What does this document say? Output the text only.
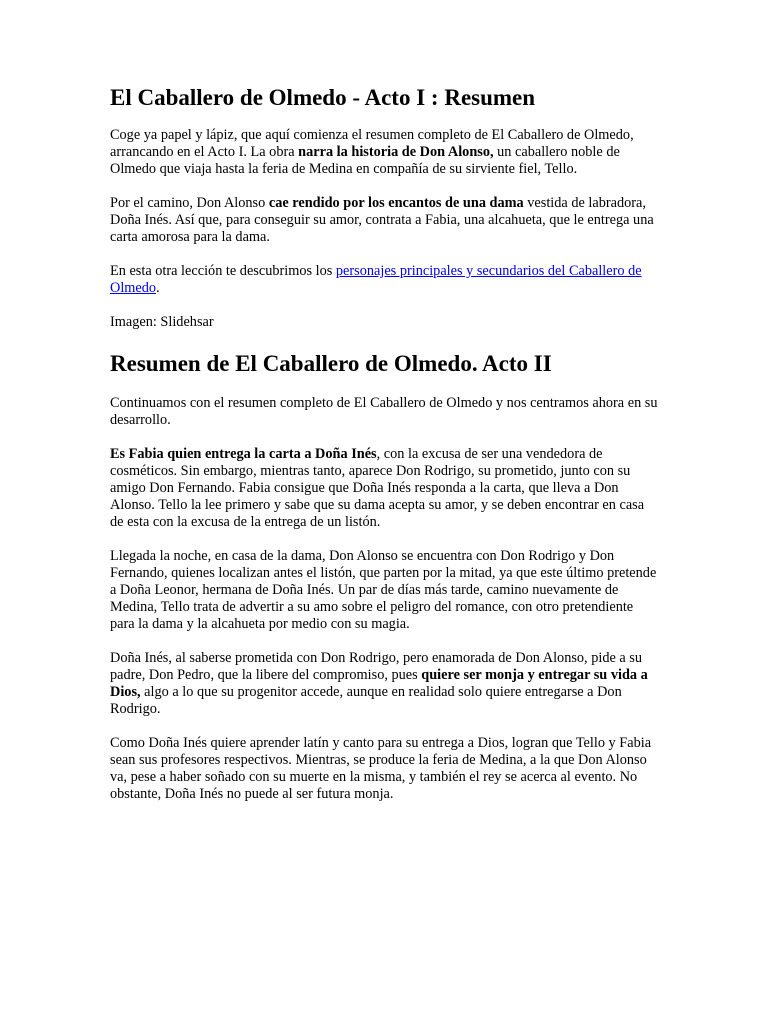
El Caballero de Olmedo - Acto I : Resumen

Coge ya papel y lápiz, que aquí comienza el resumen completo de El Caballero de Olmedo, arrancando en el Acto I. La obra narra la historia de Don Alonso, un caballero noble de Olmedo que viaja hasta la feria de Medina en compañía de su sirviente fiel, Tello.

Por el camino, Don Alonso cae rendido por los encantos de una dama vestida de labradora, Doña Inés. Así que, para conseguir su amor, contrata a Fabia, una alcahueta, que le entrega una carta amorosa para la dama.

En esta otra lección te descubrimos los personajes principales y secundarios del Caballero de Olmedo.

Imagen: Slidehsar

Resumen de El Caballero de Olmedo. Acto II

Continuamos con el resumen completo de El Caballero de Olmedo y nos centramos ahora en su desarrollo.

Es Fabia quien entrega la carta a Doña Inés, con la excusa de ser una vendedora de cosméticos. Sin embargo, mientras tanto, aparece Don Rodrigo, su prometido, junto con su amigo Don Fernando. Fabia consigue que Doña Inés responda a la carta, que lleva a Don Alonso. Tello la lee primero y sabe que su dama acepta su amor, y se deben encontrar en casa de esta con la excusa de la entrega de un listón.

Llegada la noche, en casa de la dama, Don Alonso se encuentra con Don Rodrigo y Don Fernando, quienes localizan antes el listón, que parten por la mitad, ya que este último pretende a Doña Leonor, hermana de Doña Inés. Un par de días más tarde, camino nuevamente de Medina, Tello trata de advertir a su amo sobre el peligro del romance, con otro pretendiente para la dama y la alcahueta por medio con su magia.

Doña Inés, al saberse prometida con Don Rodrigo, pero enamorada de Don Alonso, pide a su padre, Don Pedro, que la libere del compromiso, pues quiere ser monja y entregar su vida a Dios, algo a lo que su progenitor accede, aunque en realidad solo quiere entregarse a Don Rodrigo.

Como Doña Inés quiere aprender latín y canto para su entrega a Dios, logran que Tello y Fabia sean sus profesores respectivos. Mientras, se produce la feria de Medina, a la que Don Alonso va, pese a haber soñado con su muerte en la misma, y también el rey se acerca al evento. No obstante, Doña Inés no puede al ser futura monja.
